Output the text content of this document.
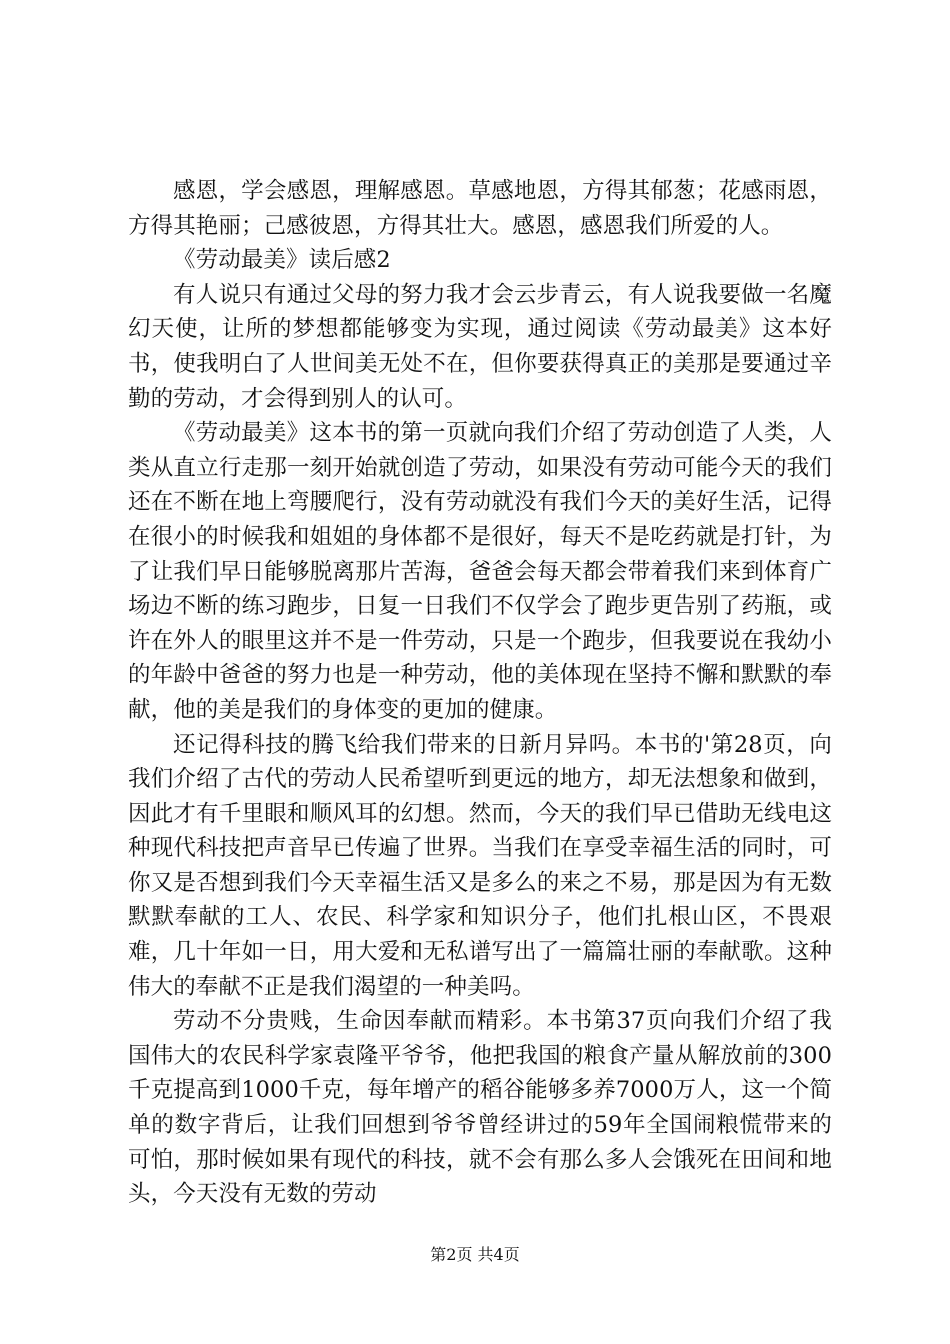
感恩，学会感恩，理解感恩。草感地恩，方得其郁葱；花感雨恩，方得其艳丽；己感彼恩，方得其壮大。感恩，感恩我们所爱的人。

《劳动最美》读后感2

有人说只有通过父母的努力我才会云步青云，有人说我要做一名魔幻天使，让所的梦想都能够变为实现，通过阅读《劳动最美》这本好书，使我明白了人世间美无处不在，但你要获得真正的美那是要通过辛勤的劳动，才会得到别人的认可。

《劳动最美》这本书的第一页就向我们介绍了劳动创造了人类，人类从直立行走那一刻开始就创造了劳动，如果没有劳动可能今天的我们还在不断在地上弯腰爬行，没有劳动就没有我们今天的美好生活，记得在很小的时候我和姐姐的身体都不是很好，每天不是吃药就是打针，为了让我们早日能够脱离那片苦海，爸爸会每天都会带着我们来到体育广场边不断的练习跑步，日复一日我们不仅学会了跑步更告别了药瓶，或许在外人的眼里这并不是一件劳动，只是一个跑步，但我要说在我幼小的年龄中爸爸的努力也是一种劳动，他的美体现在坚持不懈和默默的奉献，他的美是我们的身体变的更加的健康。

还记得科技的腾飞给我们带来的日新月异吗。本书的'第28页，向我们介绍了古代的劳动人民希望听到更远的地方，却无法想象和做到，因此才有千里眼和顺风耳的幻想。然而，今天的我们早已借助无线电这种现代科技把声音早已传遍了世界。当我们在享受幸福生活的同时，可你又是否想到我们今天幸福生活又是多么的来之不易，那是因为有无数默默奉献的工人、农民、科学家和知识分子，他们扎根山区，不畏艰难，几十年如一日，用大爱和无私谱写出了一篇篇壮丽的奉献歌。这种伟大的奉献不正是我们渴望的一种美吗。

劳动不分贵贱，生命因奉献而精彩。本书第37页向我们介绍了我国伟大的农民科学家袁隆平爷爷，他把我国的粮食产量从解放前的300千克提高到1000千克，每年增产的稻谷能够多养7000万人，这一个简单的数字背后，让我们回想到爷爷曾经讲过的59年全国闹粮慌带来的可怕，那时候如果有现代的科技，就不会有那么多人会饿死在田间和地头，今天没有无数的劳动

第2页 共4页
